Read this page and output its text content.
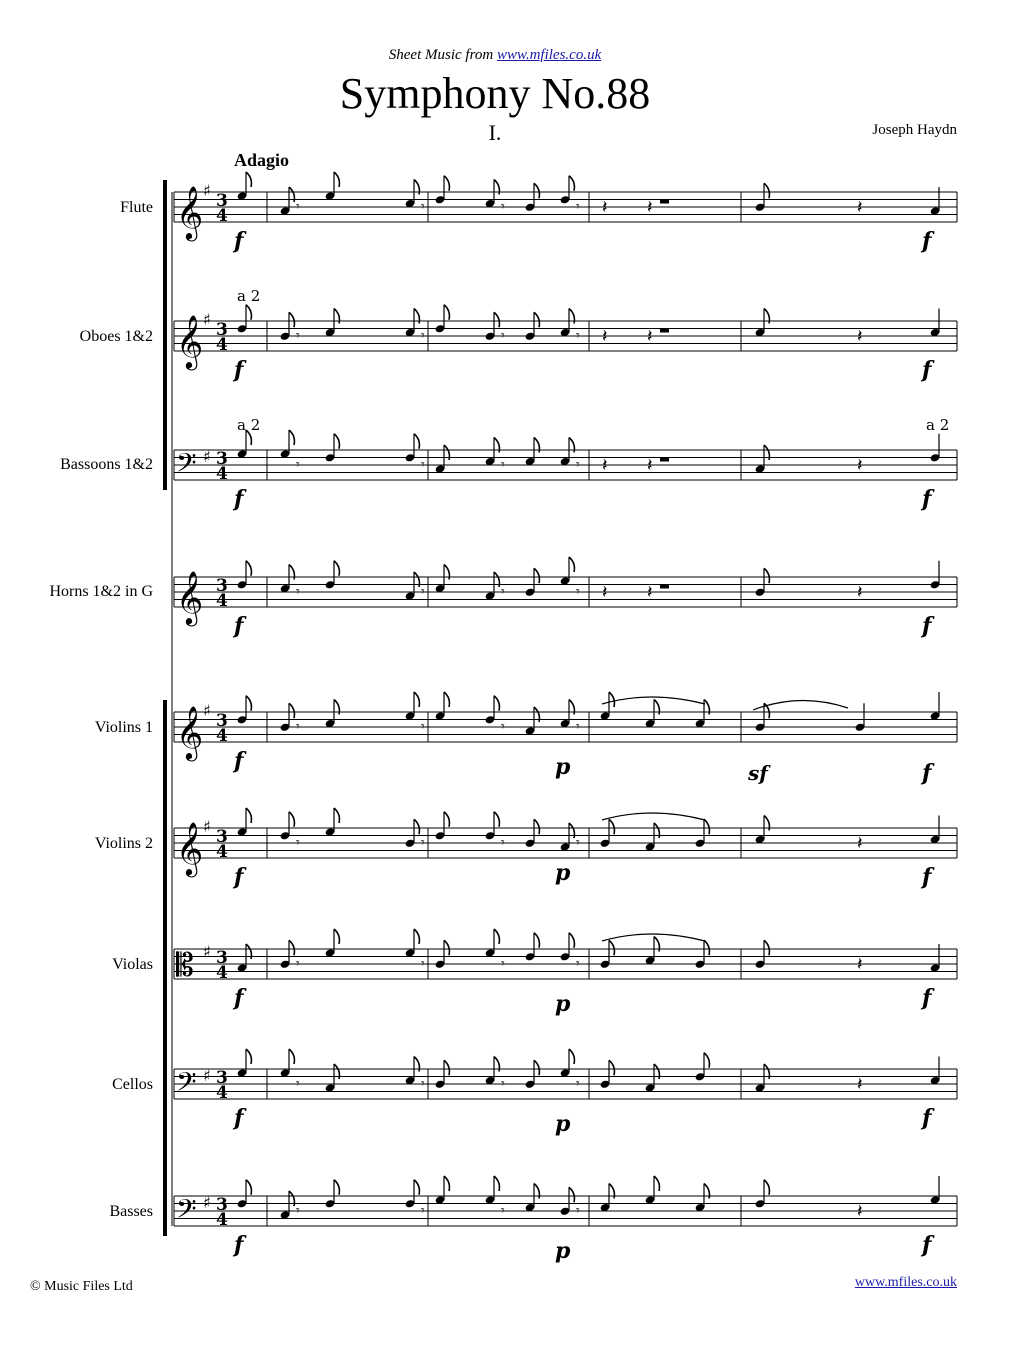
Sheet Music from www.mfiles.co.uk
Symphony No.88
I.	Joseph Haydn
Adagio
Flute
Oboes 1&2
Bassoons 1&2
Horns 1&2 in G
Violins 1
Violins 2
Violas
Cellos
Basses
𝄞 ♯
3
4	𝄾	𝄾	𝄾	𝄾 𝄽 𝄽	𝄽
f	f
𝄞 ♯
3
4	𝄾	𝄾	𝄾	𝄾 𝄽 𝄽	𝄽
f	f
a 2
𝄢 ♯ 3
4	𝄾	𝄾	𝄾	𝄾 𝄽 𝄽	𝄽
f	f
a 2	a 2
𝄞 3
4	𝄾	𝄾	𝄾	𝄾 𝄽 𝄽	𝄽
f	f
𝄞 ♯
3
4	𝄾	𝄾	𝄾	𝄾
f	sf	f
p
𝄞 ♯
3
4	𝄾	𝄾	𝄾	𝄾	𝄽
f	f
p
𝄡 ♯ 3
4	𝄾	𝄾	𝄾	𝄾	𝄽
f	f
p
𝄢 ♯ 3
4	𝄾	𝄾	𝄾	𝄾	𝄽
f	f
p
𝄢 ♯ 3
4	𝄾	𝄾	𝄾	𝄾	𝄽
f	f
p
© Music Files Ltd	www.mfiles.co.uk
